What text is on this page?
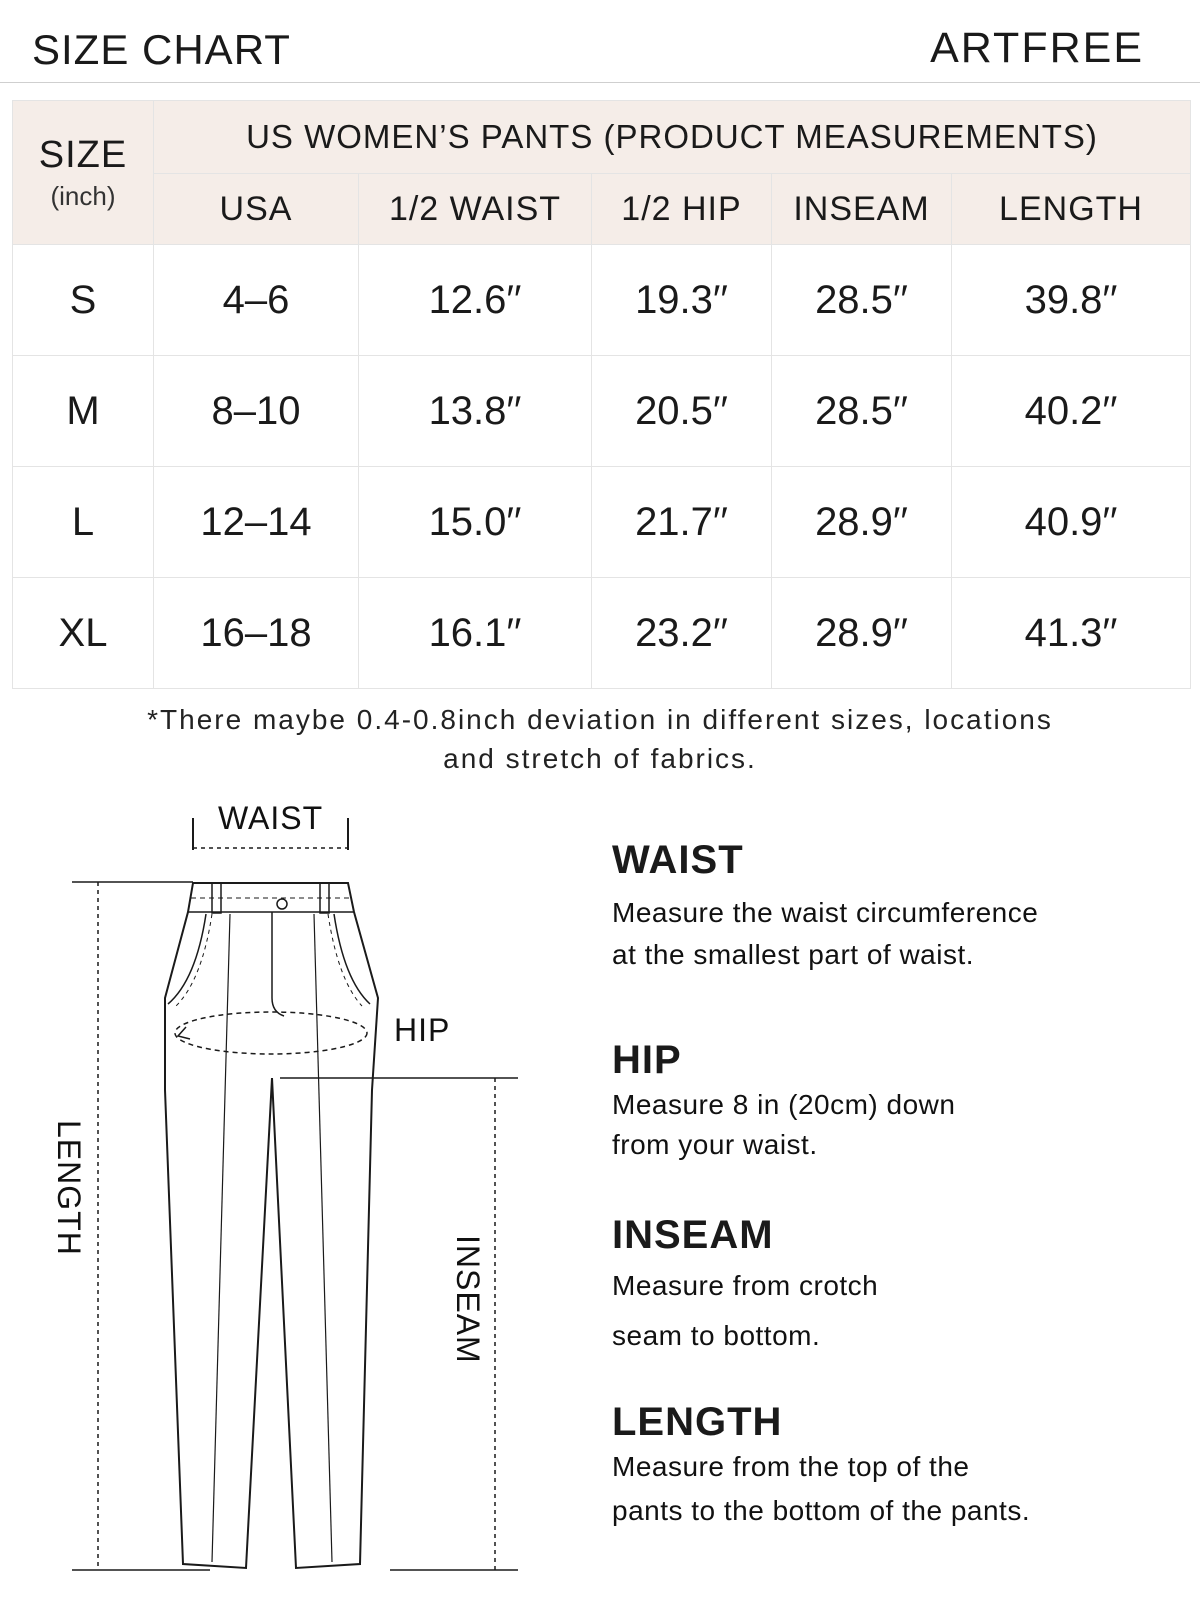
SIZE CHART	ARTFREE
SIZE
(inch)	US WOMEN’S PANTS (PRODUCT MEASUREMENTS)				
	USA	1/2 WAIST	1/2 HIP	INSEAM	LENGTH
S	4–6	12.6′′	19.3′′	28.5′′	39.8′′
M	8–10	13.8′′	20.5′′	28.5′′	40.2′′
L	12–14	15.0′′	21.7′′	28.9′′	40.9′′
XL	16–18	16.1′′	23.2′′	28.9′′	41.3′′
*There maybe 0.4-0.8inch deviation in different sizes, locations
and stretch of fabrics.
WAIST
HIP
LENGTH
INSEAM
WAIST

Measure the waist circumference

at the smallest part of waist.

HIP

Measure 8 in (20cm) down

from your waist.

INSEAM

Measure from crotch

seam to bottom.

LENGTH

Measure from the top of the

pants to the bottom of the pants.
